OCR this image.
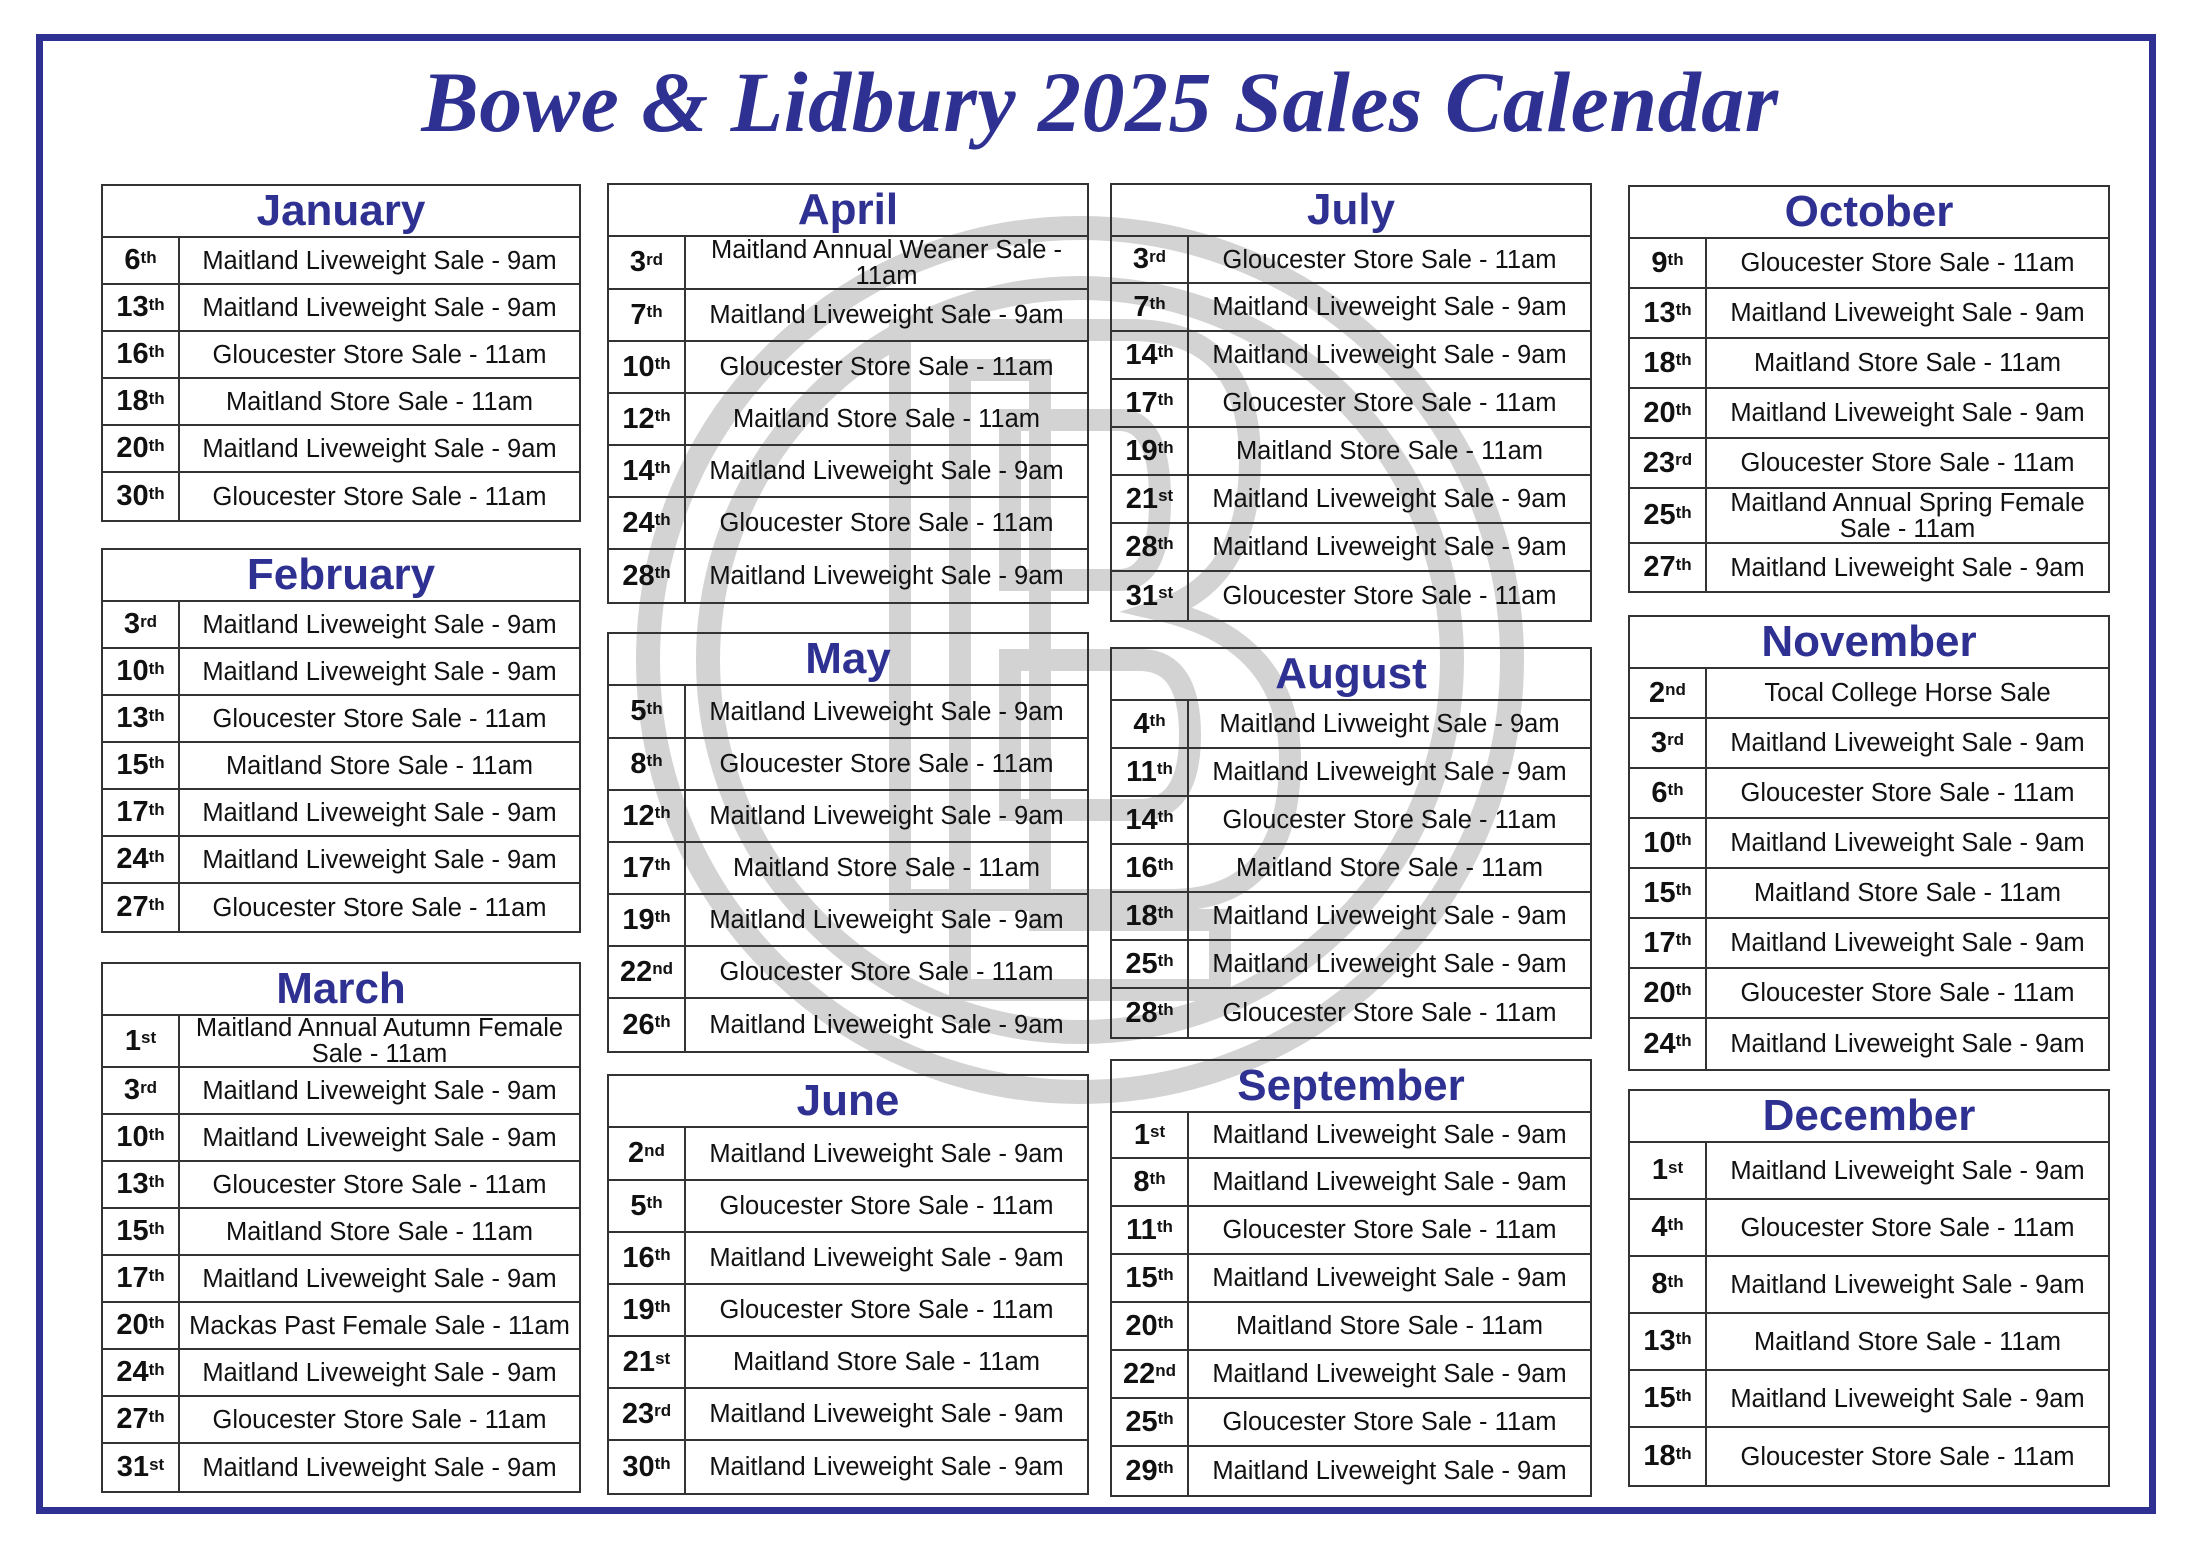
Bowe & Lidbury 2025 Sales Calendar
January
6th	Maitland Liveweight Sale - 9am
13th	Maitland Liveweight Sale - 9am
16th	Gloucester Store Sale - 11am
18th	Maitland Store Sale - 11am
20th	Maitland Liveweight Sale - 9am
30th	Gloucester Store Sale - 11am
February
3rd	Maitland Liveweight Sale - 9am
10th	Maitland Liveweight Sale - 9am
13th	Gloucester Store Sale - 11am
15th	Maitland Store Sale - 11am
17th	Maitland Liveweight Sale - 9am
24th	Maitland Liveweight Sale - 9am
27th	Gloucester Store Sale - 11am
March
1st	Maitland Annual Autumn Female Sale - 11am
3rd	Maitland Liveweight Sale - 9am
10th	Maitland Liveweight Sale - 9am
13th	Gloucester Store Sale - 11am
15th	Maitland Store Sale - 11am
17th	Maitland Liveweight Sale - 9am
20th Mackas Past Female Sale - 11am
24th	Maitland Liveweight Sale - 9am
27th	Gloucester Store Sale - 11am
31st	Maitland Liveweight Sale - 9am
April
3rd	Maitland Annual Weaner Sale - 11am
7th	Maitland Liveweight Sale - 9am
10th	Gloucester Store Sale - 11am
12th	Maitland Store Sale - 11am
14th	Maitland Liveweight Sale - 9am
24th	Gloucester Store Sale - 11am
28th	Maitland Liveweight Sale - 9am
May
5th	Maitland Liveweight Sale - 9am
8th	Gloucester Store Sale - 11am
12th	Maitland Liveweight Sale - 9am
17th	Maitland Store Sale - 11am
19th	Maitland Liveweight Sale - 9am
22nd	Gloucester Store Sale - 11am
26th	Maitland Liveweight Sale - 9am
June
2nd	Maitland Liveweight Sale - 9am
5th	Gloucester Store Sale - 11am
16th	Maitland Liveweight Sale - 9am
19th	Gloucester Store Sale - 11am
21st	Maitland Store Sale - 11am
23rd	Maitland Liveweight Sale - 9am
30th	Maitland Liveweight Sale - 9am
July
3rd	Gloucester Store Sale - 11am
7th	Maitland Liveweight Sale - 9am
14th	Maitland Liveweight Sale - 9am
17th	Gloucester Store Sale - 11am
19th	Maitland Store Sale - 11am
21st	Maitland Liveweight Sale - 9am
28th	Maitland Liveweight Sale - 9am
31st	Gloucester Store Sale - 11am
August
4th	Maitland Livweight Sale - 9am
11th	Maitland Liveweight Sale - 9am
14th	Gloucester Store Sale - 11am
16th	Maitland Store Sale - 11am
18th	Maitland Liveweight Sale - 9am
25th	Maitland Liveweight Sale - 9am
28th	Gloucester Store Sale - 11am
September
1st	Maitland Liveweight Sale - 9am
8th	Maitland Liveweight Sale - 9am
11th	Gloucester Store Sale - 11am
15th	Maitland Liveweight Sale - 9am
20th	Maitland Store Sale - 11am
22nd	Maitland Liveweight Sale - 9am
25th	Gloucester Store Sale - 11am
29th	Maitland Liveweight Sale - 9am
October
9th	Gloucester Store Sale - 11am
13th	Maitland Liveweight Sale - 9am
18th	Maitland Store Sale - 11am
20th	Maitland Liveweight Sale - 9am
23rd	Gloucester Store Sale - 11am
25th	Maitland Annual Spring Female Sale - 11am
27th	Maitland Liveweight Sale - 9am
November
2nd	Tocal College Horse Sale
3rd	Maitland Liveweight Sale - 9am
6th	Gloucester Store Sale - 11am
10th	Maitland Liveweight Sale - 9am
15th	Maitland Store Sale - 11am
17th	Maitland Liveweight Sale - 9am
20th	Gloucester Store Sale - 11am
24th	Maitland Liveweight Sale - 9am
December
1st	Maitland Liveweight Sale - 9am
4th	Gloucester Store Sale - 11am
8th	Maitland Liveweight Sale - 9am
13th	Maitland Store Sale - 11am
15th	Maitland Liveweight Sale - 9am
18th	Gloucester Store Sale - 11am
